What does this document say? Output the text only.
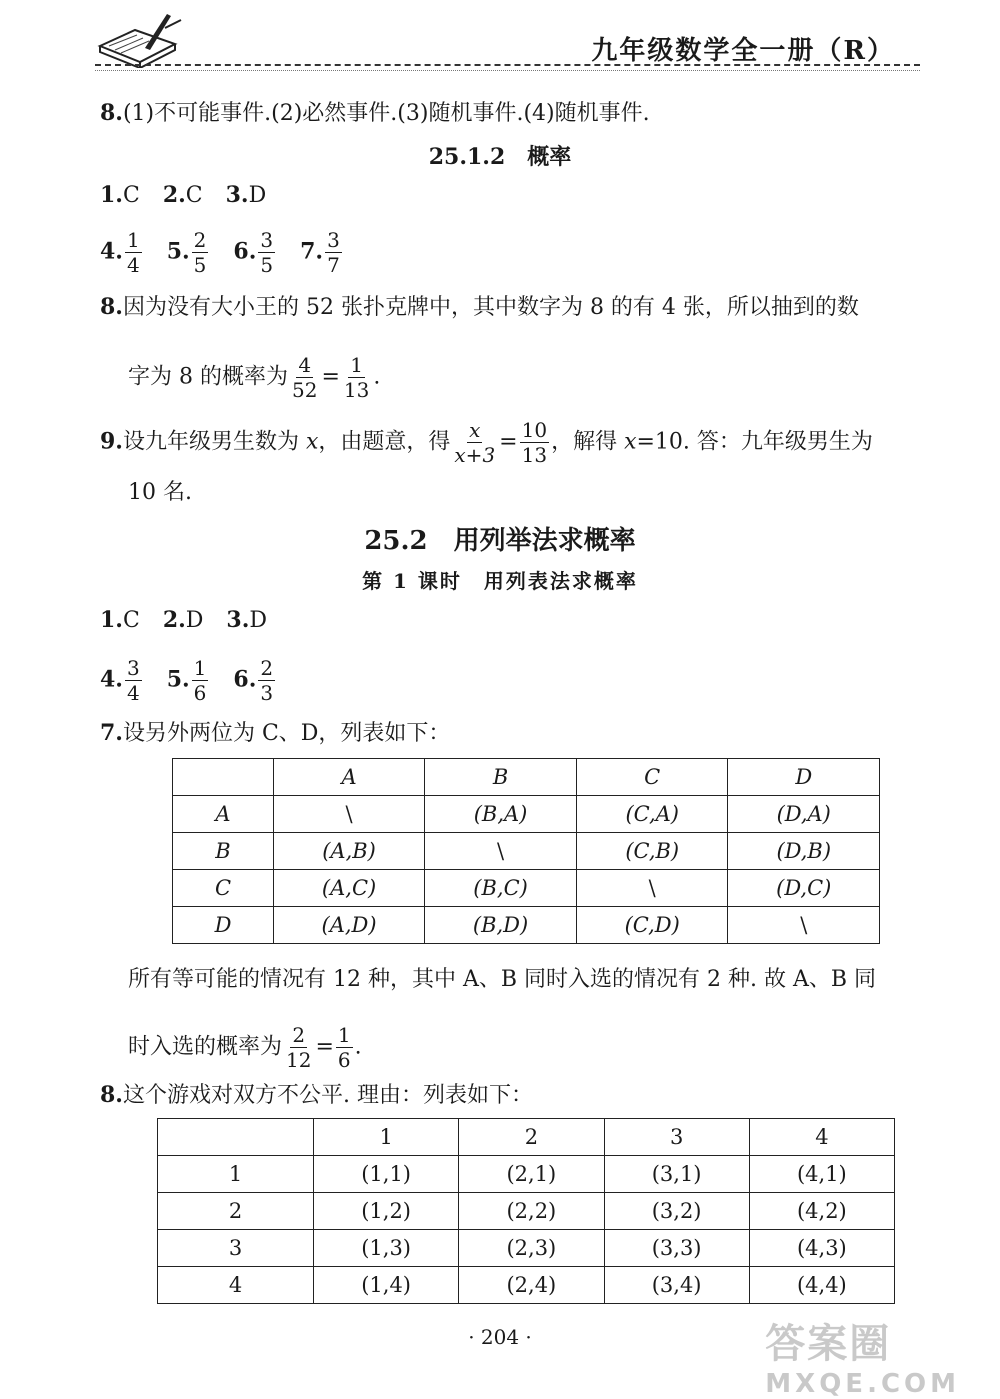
九年级数学全一册（R）
8.(1)不可能事件.(2)必然事件.(3)随机事件.(4)随机事件.
25.1.2　概率
1.C 2.C 3.D
4. $\frac{1}{4} 5$. $\frac{2}{5} 6$. $\frac{3}{5} 7$. $\frac{3}{7}$
8.因为没有大小王的 52 张扑克牌中，其中数字为 8 的有 4 张，所以抽到的数
字为 8 的概率为 $\frac{4}{52} = \frac{1}{13}$ .
9.设九年级男生数为 x，由题意，得 $\frac{x}{x+3} = \frac{10}{13}$ ，解得 x=10. 答：九年级男生为
10 名.
25.2　用列举法求概率
第 1 课时　用列表法求概率
1.C 2.D 3.D
4. $\frac{3}{4} 5$. $\frac{1}{6} 6$. $\frac{2}{3}$
7.设另外两位为 C、D，列表如下：
	A	B	C	D
A	\	(B,A)	(C,A)	(D,A)
B	(A,B)	\	(C,B)	(D,B)
C	(A,C)	(B,C)	\	(D,C)
D	(A,D)	(B,D)	(C,D)	\
所有等可能的情况有 12 种，其中 A、B 同时入选的情况有 2 种. 故 A、B 同
时入选的概率为 $\frac{2}{12} = \frac{1}{6}$ .
8.这个游戏对双方不公平. 理由：列表如下：
	1	2	3	4
1	(1,1)	(2,1)	(3,1)	(4,1)
2	(1,2)	(2,2)	(3,2)	(4,2)
3	(1,3)	(2,3)	(3,3)	(4,3)
4	(1,4)	(2,4)	(3,4)	(4,4)
· 204 ·	答案圈
MXQE.COM
